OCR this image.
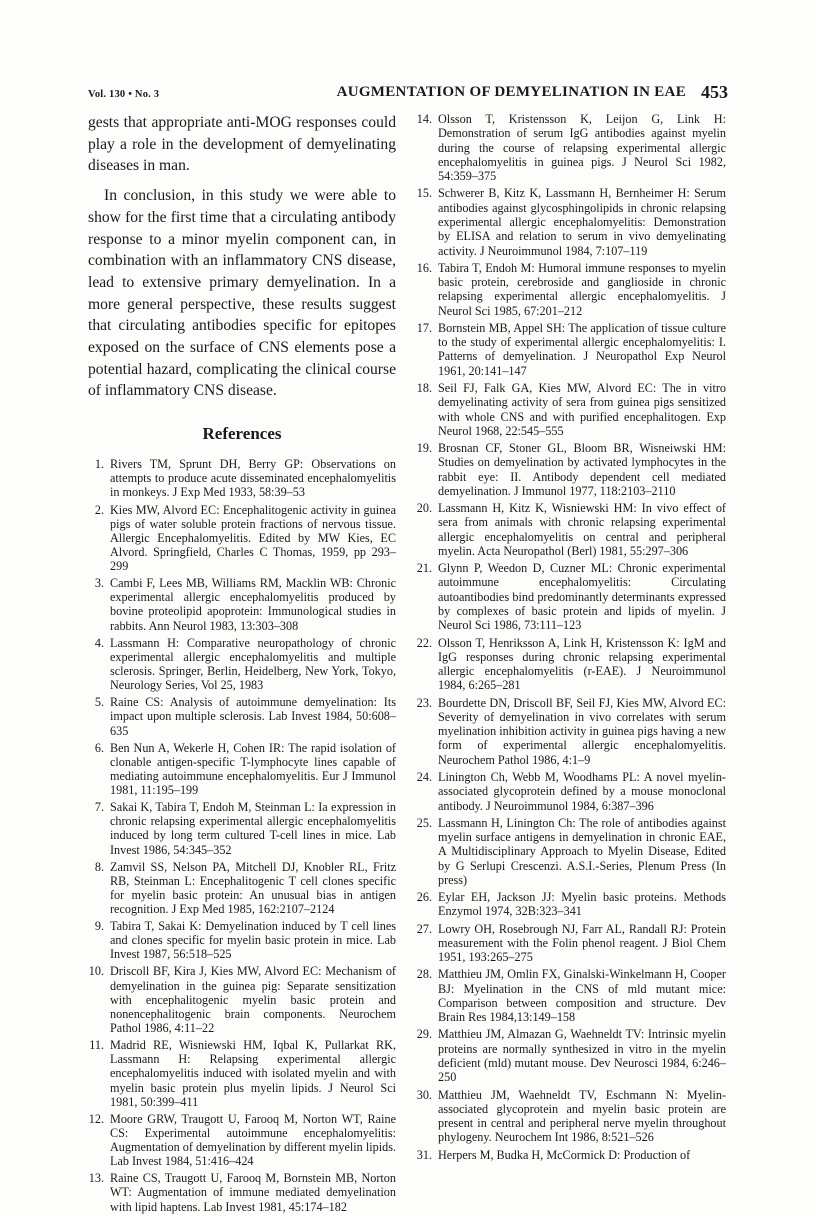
Vol. 130 • No. 3	AUGMENTATION OF DEMYELINATION IN EAE 453

gests that appropriate anti-MOG responses could play a role in the development of demyelinating diseases in man.

In conclusion, in this study we were able to show for the first time that a circulating antibody response to a minor myelin component can, in combination with an inflammatory CNS disease, lead to extensive primary demyelination. In a more general perspective, these results suggest that circulating antibodies specific for epitopes exposed on the surface of CNS elements pose a potential hazard, complicating the clinical course of inflammatory CNS disease.

References
1. Rivers TM, Sprunt DH, Berry GP: Observations on attempts to produce acute disseminated encephalomyelitis in monkeys. J Exp Med 1933, 58:39–53
2. Kies MW, Alvord EC: Encephalitogenic activity in guinea pigs of water soluble protein fractions of nervous tissue. Allergic Encephalomyelitis. Edited by MW Kies, EC Alvord. Springfield, Charles C Thomas, 1959, pp 293–299
3. Cambi F, Lees MB, Williams RM, Macklin WB: Chronic experimental allergic encephalomyelitis produced by bovine proteolipid apoprotein: Immunological studies in rabbits. Ann Neurol 1983, 13:303–308
4. Lassmann H: Comparative neuropathology of chronic experimental allergic encephalomyelitis and multiple sclerosis. Springer, Berlin, Heidelberg, New York, Tokyo, Neurology Series, Vol 25, 1983
5. Raine CS: Analysis of autoimmune demyelination: Its impact upon multiple sclerosis. Lab Invest 1984, 50:608–635
6. Ben Nun A, Wekerle H, Cohen IR: The rapid isolation of clonable antigen-specific T-lymphocyte lines capable of mediating autoimmune encephalomyelitis. Eur J Immunol 1981, 11:195–199
7. Sakai K, Tabira T, Endoh M, Steinman L: Ia expression in chronic relapsing experimental allergic encephalomyelitis induced by long term cultured T-cell lines in mice. Lab Invest 1986, 54:345–352
8. Zamvil SS, Nelson PA, Mitchell DJ, Knobler RL, Fritz RB, Steinman L: Encephalitogenic T cell clones specific for myelin basic protein: An unusual bias in antigen recognition. J Exp Med 1985, 162:2107–2124
9. Tabira T, Sakai K: Demyelination induced by T cell lines and clones specific for myelin basic protein in mice. Lab Invest 1987, 56:518–525
10. Driscoll BF, Kira J, Kies MW, Alvord EC: Mechanism of demyelination in the guinea pig: Separate sensitization with encephalitogenic myelin basic protein and nonencephalitogenic brain components. Neurochem Pathol 1986, 4:11–22
11. Madrid RE, Wisniewski HM, Iqbal K, Pullarkat RK, Lassmann H: Relapsing experimental allergic encephalomyelitis induced with isolated myelin and with myelin basic protein plus myelin lipids. J Neurol Sci 1981, 50:399–411
12. Moore GRW, Traugott U, Farooq M, Norton WT, Raine CS: Experimental autoimmune encephalomyelitis: Augmentation of demyelination by different myelin lipids. Lab Invest 1984, 51:416–424
13. Raine CS, Traugott U, Farooq M, Bornstein MB, Norton WT: Augmentation of immune mediated demyelination with lipid haptens. Lab Invest 1981, 45:174–182
14. Olsson T, Kristensson K, Leijon G, Link H: Demonstration of serum IgG antibodies against myelin during the course of relapsing experimental allergic encephalomyelitis in guinea pigs. J Neurol Sci 1982, 54:359–375
15. Schwerer B, Kitz K, Lassmann H, Bernheimer H: Serum antibodies against glycosphingolipids in chronic relapsing experimental allergic encephalomyelitis: Demonstration by ELISA and relation to serum in vivo demyelinating activity. J Neuroimmunol 1984, 7:107–119
16. Tabira T, Endoh M: Humoral immune responses to myelin basic protein, cerebroside and ganglioside in chronic relapsing experimental allergic encephalomyelitis. J Neurol Sci 1985, 67:201–212
17. Bornstein MB, Appel SH: The application of tissue culture to the study of experimental allergic encephalomyelitis: I. Patterns of demyelination. J Neuropathol Exp Neurol 1961, 20:141–147
18. Seil FJ, Falk GA, Kies MW, Alvord EC: The in vitro demyelinating activity of sera from guinea pigs sensitized with whole CNS and with purified encephalitogen. Exp Neurol 1968, 22:545–555
19. Brosnan CF, Stoner GL, Bloom BR, Wisneiwski HM: Studies on demyelination by activated lymphocytes in the rabbit eye: II. Antibody dependent cell mediated demyelination. J Immunol 1977, 118:2103–2110
20. Lassmann H, Kitz K, Wisniewski HM: In vivo effect of sera from animals with chronic relapsing experimental allergic encephalomyelitis on central and peripheral myelin. Acta Neuropathol (Berl) 1981, 55:297–306
21. Glynn P, Weedon D, Cuzner ML: Chronic experimental autoimmune encephalomyelitis: Circulating autoantibodies bind predominantly determinants expressed by complexes of basic protein and lipids of myelin. J Neurol Sci 1986, 73:111–123
22. Olsson T, Henriksson A, Link H, Kristensson K: IgM and IgG responses during chronic relapsing experimental allergic encephalomyelitis (r-EAE). J Neuroimmunol 1984, 6:265–281
23. Bourdette DN, Driscoll BF, Seil FJ, Kies MW, Alvord EC: Severity of demyelination in vivo correlates with serum myelination inhibition activity in guinea pigs having a new form of experimental allergic encephalomyelitis. Neurochem Pathol 1986, 4:1–9
24. Linington Ch, Webb M, Woodhams PL: A novel myelin-associated glycoprotein defined by a mouse monoclonal antibody. J Neuroimmunol 1984, 6:387–396
25. Lassmann H, Linington Ch: The role of antibodies against myelin surface antigens in demyelination in chronic EAE, A Multidisciplinary Approach to Myelin Disease, Edited by G Serlupi Crescenzi. A.S.I.-Series, Plenum Press (In press)
26. Eylar EH, Jackson JJ: Myelin basic proteins. Methods Enzymol 1974, 32B:323–341
27. Lowry OH, Rosebrough NJ, Farr AL, Randall RJ: Protein measurement with the Folin phenol reagent. J Biol Chem 1951, 193:265–275
28. Matthieu JM, Omlin FX, Ginalski-Winkelmann H, Cooper BJ: Myelination in the CNS of mld mutant mice: Comparison between composition and structure. Dev Brain Res 1984,13:149–158
29. Matthieu JM, Almazan G, Waehneldt TV: Intrinsic myelin proteins are normally synthesized in vitro in the myelin deficient (mld) mutant mouse. Dev Neurosci 1984, 6:246–250
30. Matthieu JM, Waehneldt TV, Eschmann N: Myelin-associated glycoprotein and myelin basic protein are present in central and peripheral nerve myelin throughout phylogeny. Neurochem Int 1986, 8:521–526
31. Herpers M, Budka H, McCormick D: Production of
